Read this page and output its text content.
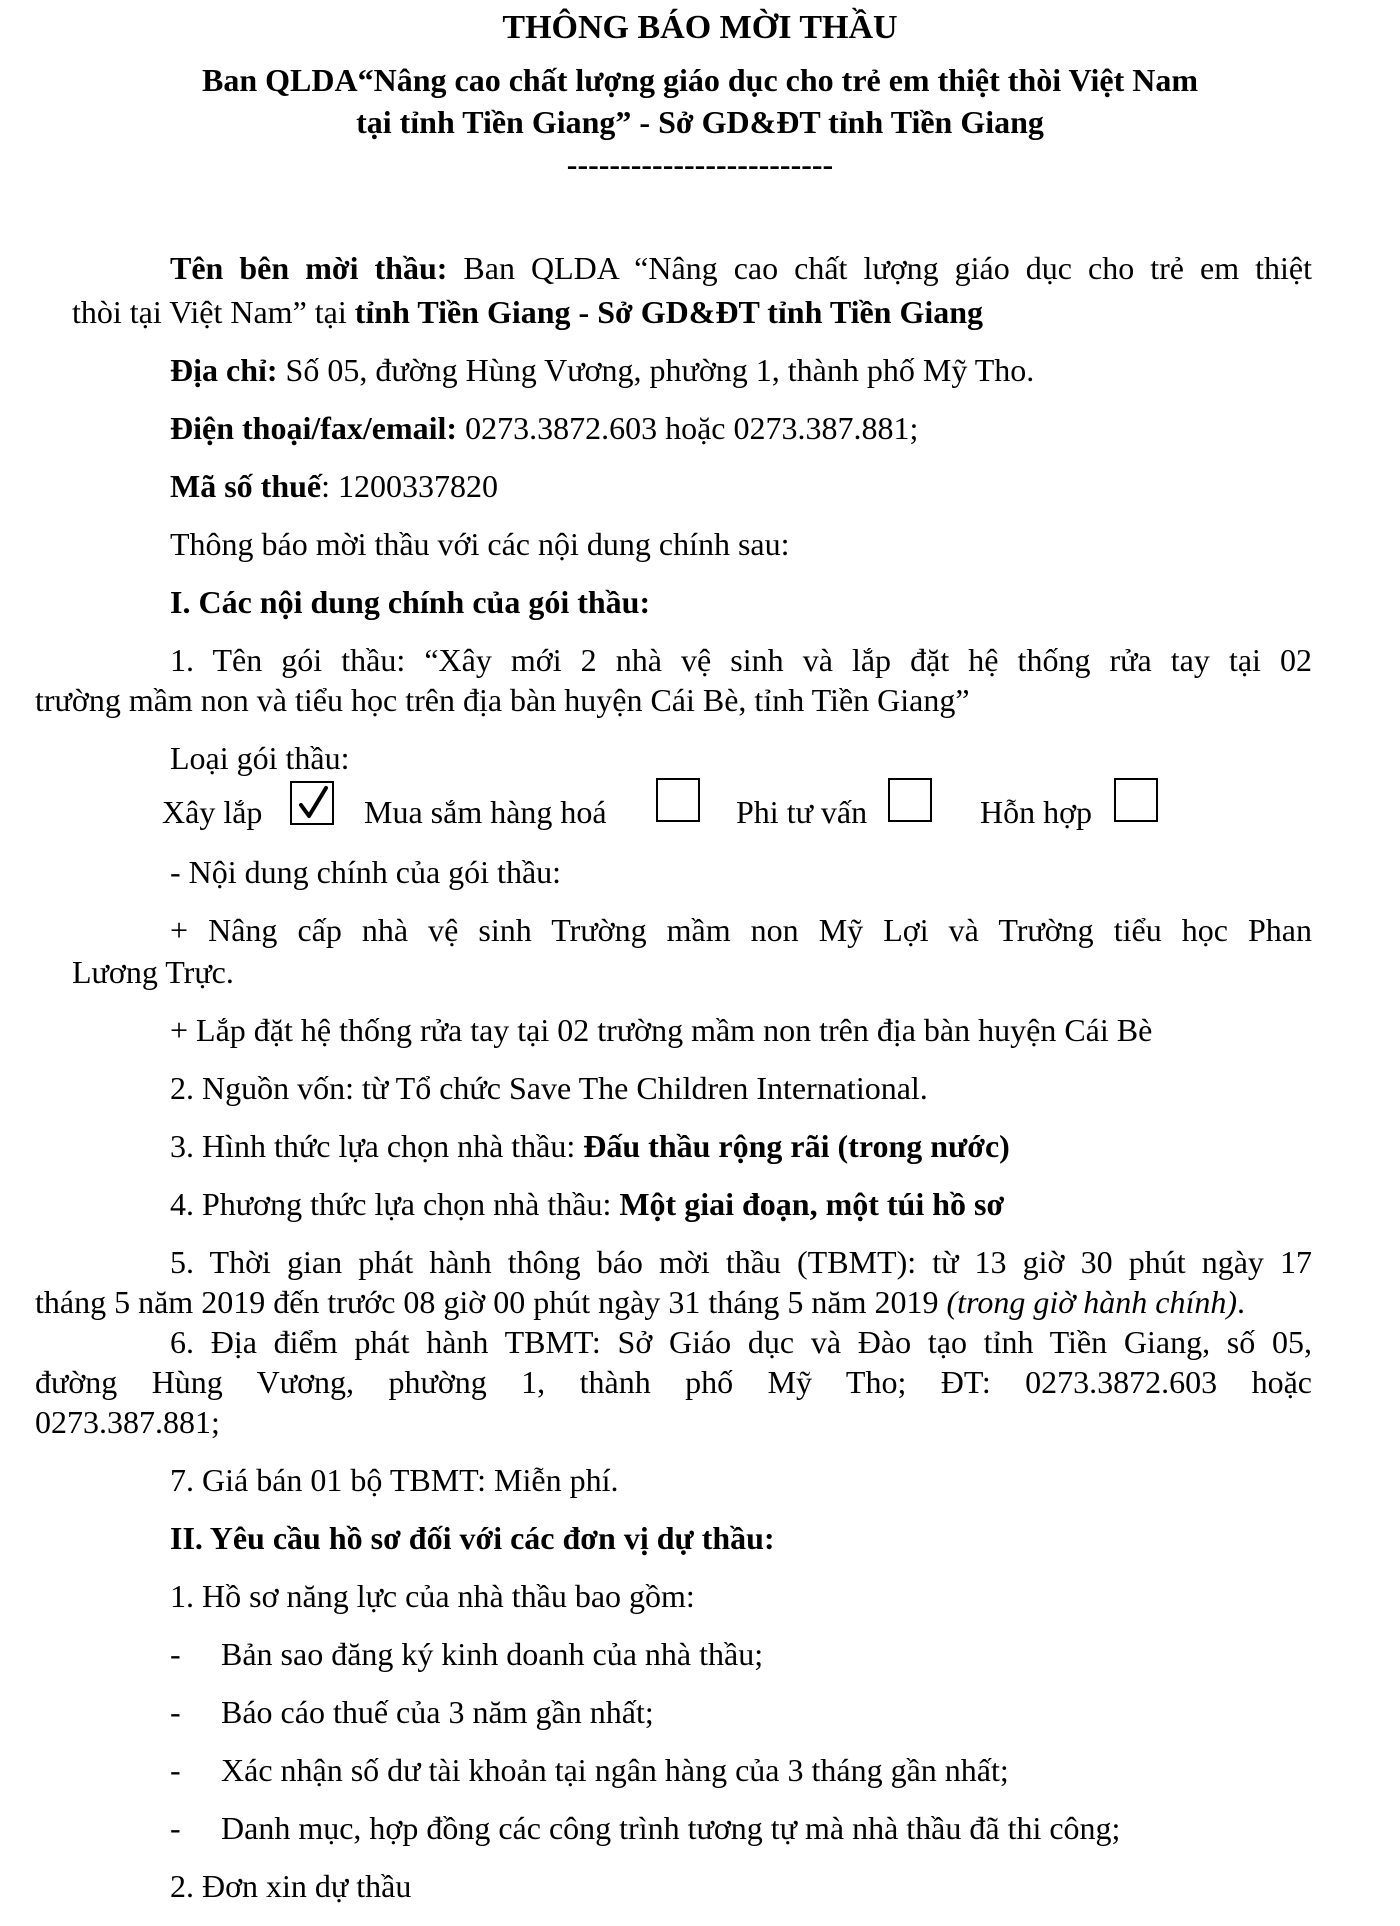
THÔNG BÁO MỜI THẦU
Ban QLDA“Nâng cao chất lượng giáo dục cho trẻ em thiệt thòi Việt Nam
tại tỉnh Tiền Giang” - Sở GD&ĐT tỉnh Tiền Giang
-------------------------
Tên bên mời thầu: Ban QLDA “Nâng cao chất lượng giáo dục cho trẻ em thiệt
thòi tại Việt Nam” tại tỉnh Tiền Giang - Sở GD&ĐT tỉnh Tiền Giang
Địa chỉ: Số 05, đường Hùng Vương, phường 1, thành phố Mỹ Tho.
Điện thoại/fax/email: 0273.3872.603 hoặc 0273.387.881;
Mã số thuế: 1200337820
Thông báo mời thầu với các nội dung chính sau:
I. Các nội dung chính của gói thầu:
1. Tên gói thầu: “Xây mới 2 nhà vệ sinh và lắp đặt hệ thống rửa tay tại 02
trường mầm non và tiểu học trên địa bàn huyện Cái Bè, tỉnh Tiền Giang”
Loại gói thầu:
Xây lắp	Mua sắm hàng hoá	Phi tư vấn	Hỗn hợp
- Nội dung chính của gói thầu:
+ Nâng cấp nhà vệ sinh Trường mầm non Mỹ Lợi và Trường tiểu học Phan
Lương Trực.
+ Lắp đặt hệ thống rửa tay tại 02 trường mầm non trên địa bàn huyện Cái Bè
2. Nguồn vốn: từ Tổ chức Save The Children International.
3. Hình thức lựa chọn nhà thầu: Đấu thầu rộng rãi (trong nước)
4. Phương thức lựa chọn nhà thầu: Một giai đoạn, một túi hồ sơ
5. Thời gian phát hành thông báo mời thầu (TBMT): từ 13 giờ 30 phút ngày 17
tháng 5 năm 2019 đến trước 08 giờ 00 phút ngày 31 tháng 5 năm 2019 (trong giờ hành chính).
6. Địa điểm phát hành TBMT: Sở Giáo dục và Đào tạo tỉnh Tiền Giang, số 05,
đường Hùng Vương, phường 1, thành phố Mỹ Tho; ĐT: 0273.3872.603 hoặc
0273.387.881;
7. Giá bán 01 bộ TBMT: Miễn phí.
II. Yêu cầu hồ sơ đối với các đơn vị dự thầu:
1. Hồ sơ năng lực của nhà thầu bao gồm:
- Bản sao đăng ký kinh doanh của nhà thầu;
- Báo cáo thuế của 3 năm gần nhất;
- Xác nhận số dư tài khoản tại ngân hàng của 3 tháng gần nhất;
- Danh mục, hợp đồng các công trình tương tự mà nhà thầu đã thi công;
2. Đơn xin dự thầu
